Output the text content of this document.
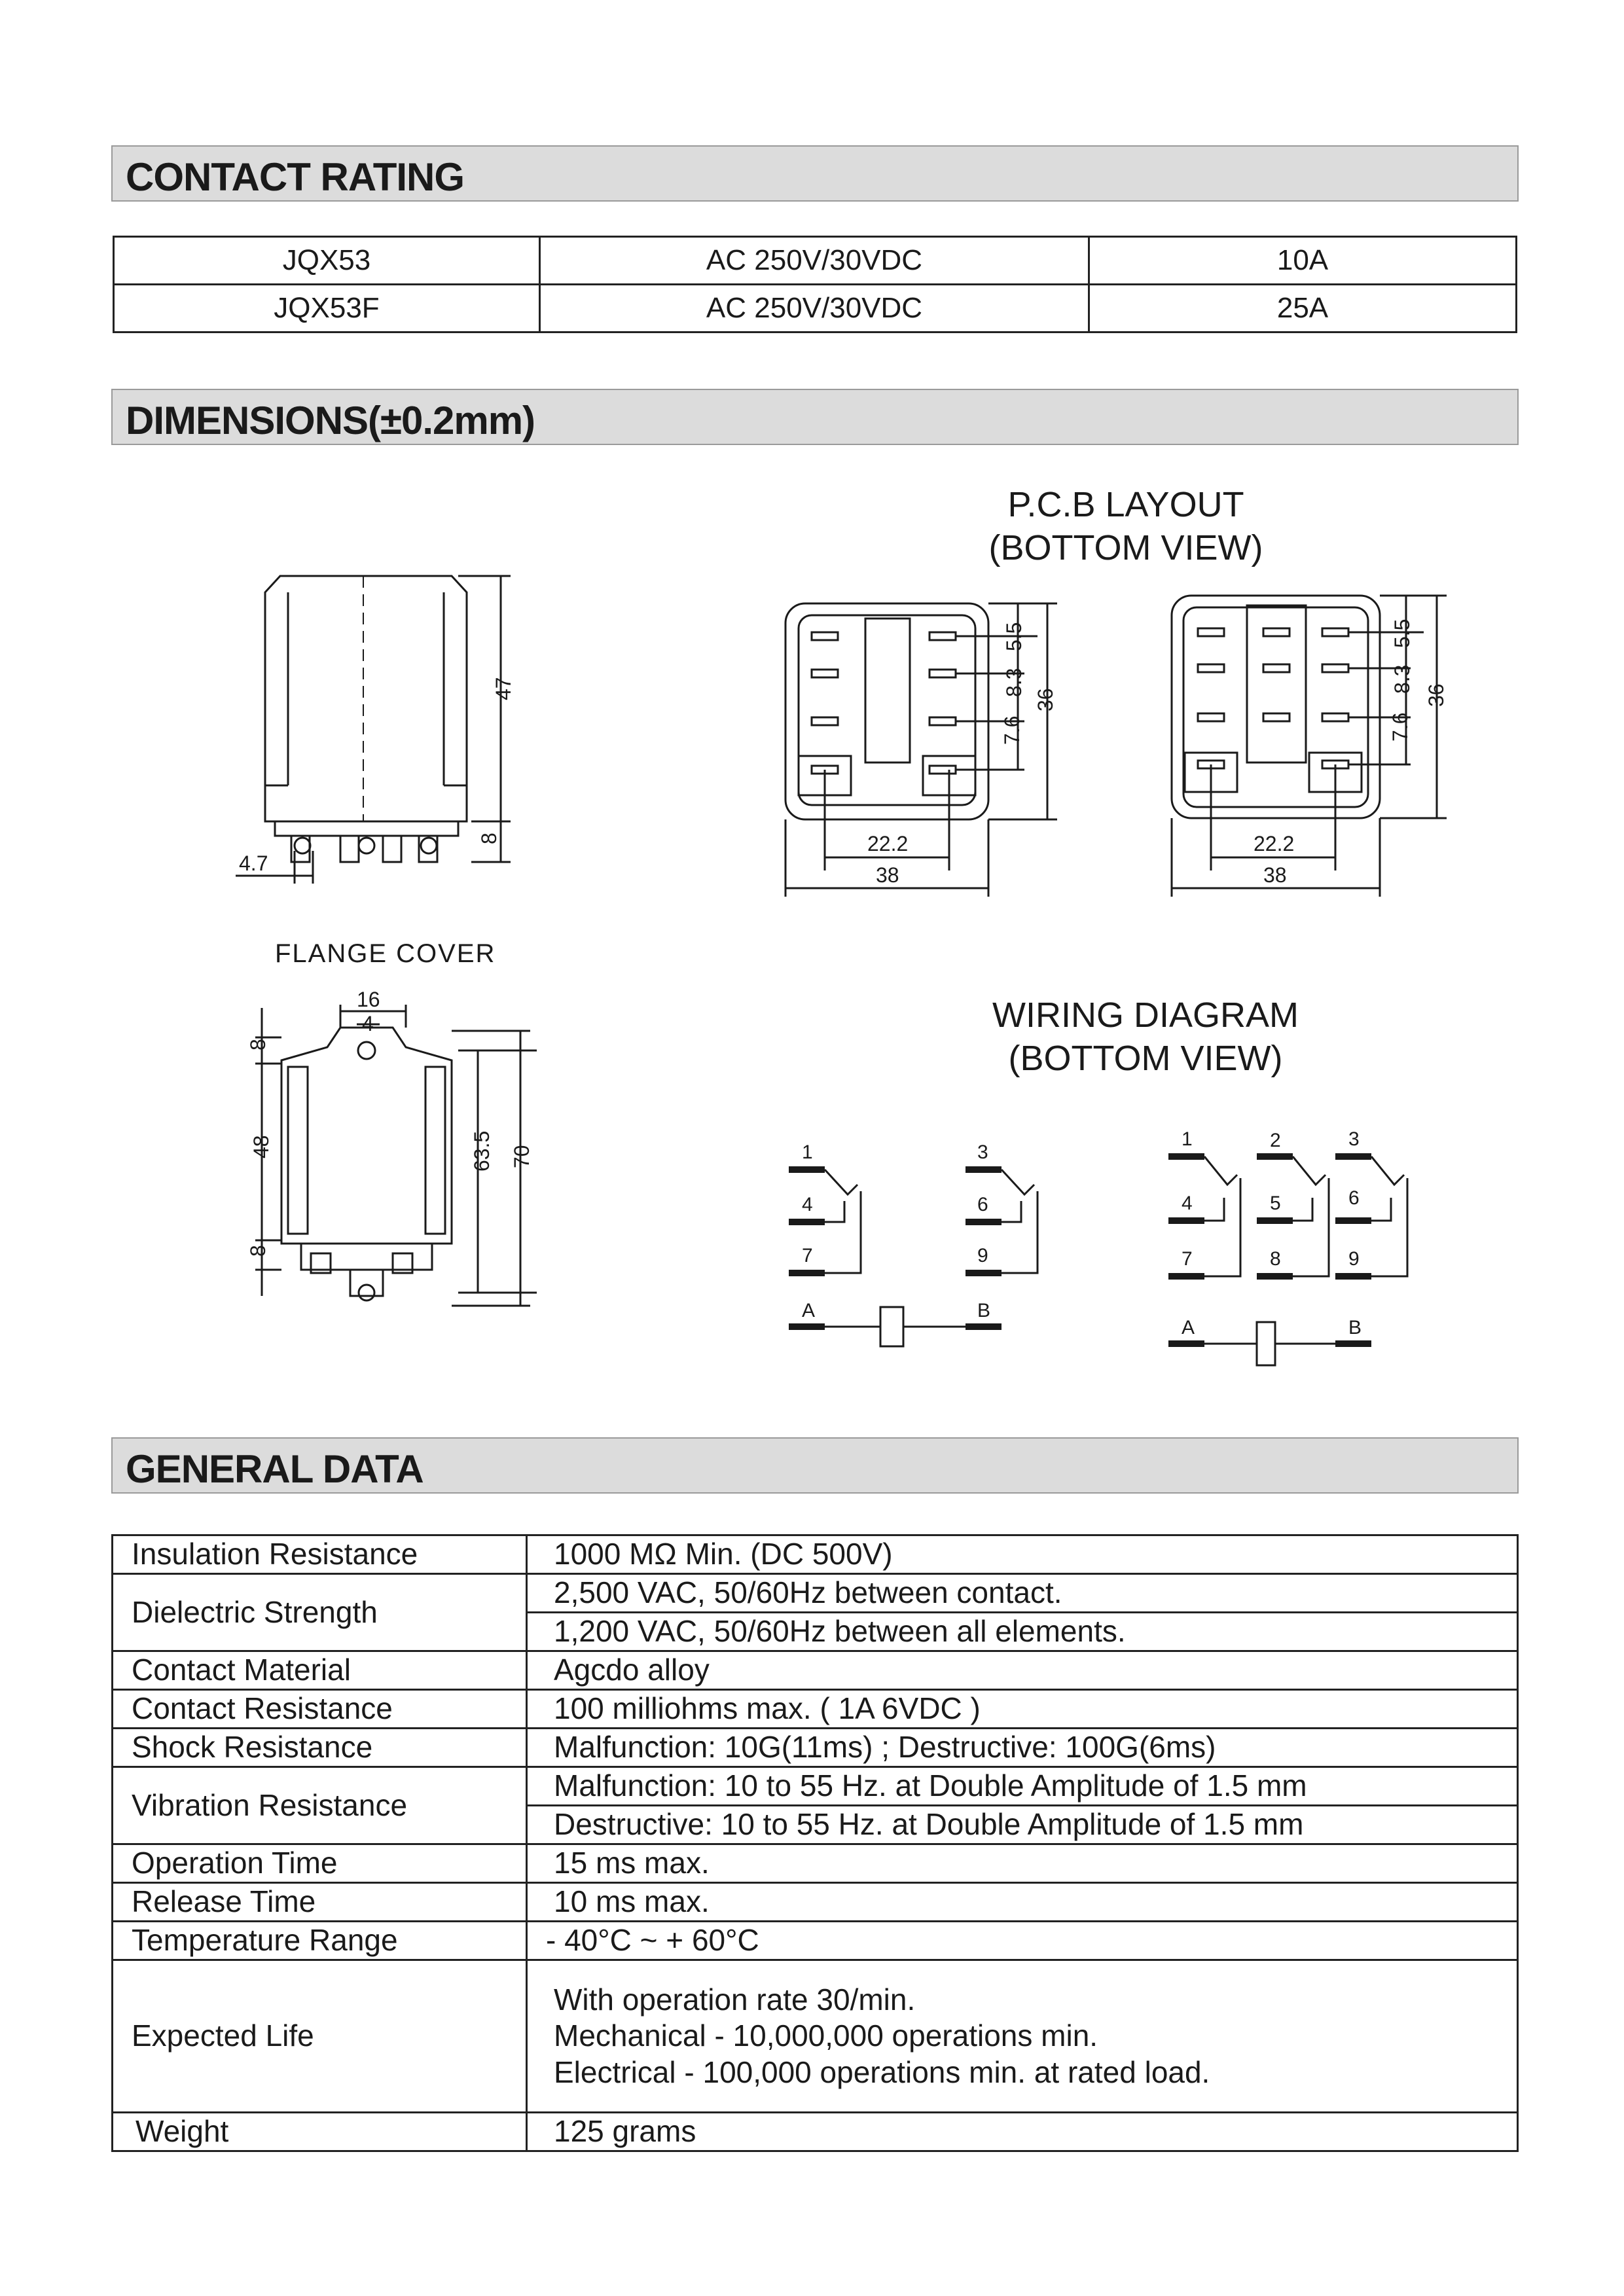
CONTACT RATING
JQX53	AC 250V/30VDC	10A
JQX53F	AC 250V/30VDC	25A
DIMENSIONS(±0.2mm)
P.C.B LAYOUT
(BOTTOM VIEW)
WIRING DIAGRAM
(BOTTOM VIEW)
47
8
4.7
16
4
8
48
8
63.5 70
5.5
8.3
7.6
36
22.2
38
5.5
8.3
7.6
36
22.2
38
FLANGE COVER
1	3
4	6
7	9
A	B
1	2	3
4	5	6
7	8	9
A	B
GENERAL DATA
Insulation Resistance	1000 MΩ Min. (DC 500V)
Dielectric Strength	2,500 VAC, 50/60Hz between contact.
	1,200 VAC, 50/60Hz between all elements.
Contact Material	Agcdo alloy
Contact Resistance	100 milliohms max. ( 1A 6VDC )
Shock Resistance	Malfunction: 10G(11ms) ; Destructive: 100G(6ms)
Vibration Resistance	Malfunction: 10 to 55 Hz. at Double Amplitude of 1.5 mm
	Destructive: 10 to 55 Hz. at Double Amplitude of 1.5 mm
Operation Time	15 ms max.
Release Time	10 ms max.
Temperature Range	- 40°C ~ + 60°C
Expected Life	With operation rate 30/min.
Mechanical - 10,000,000 operations min.
Electrical - 100,000 operations min. at rated load.

Weight	125 grams
